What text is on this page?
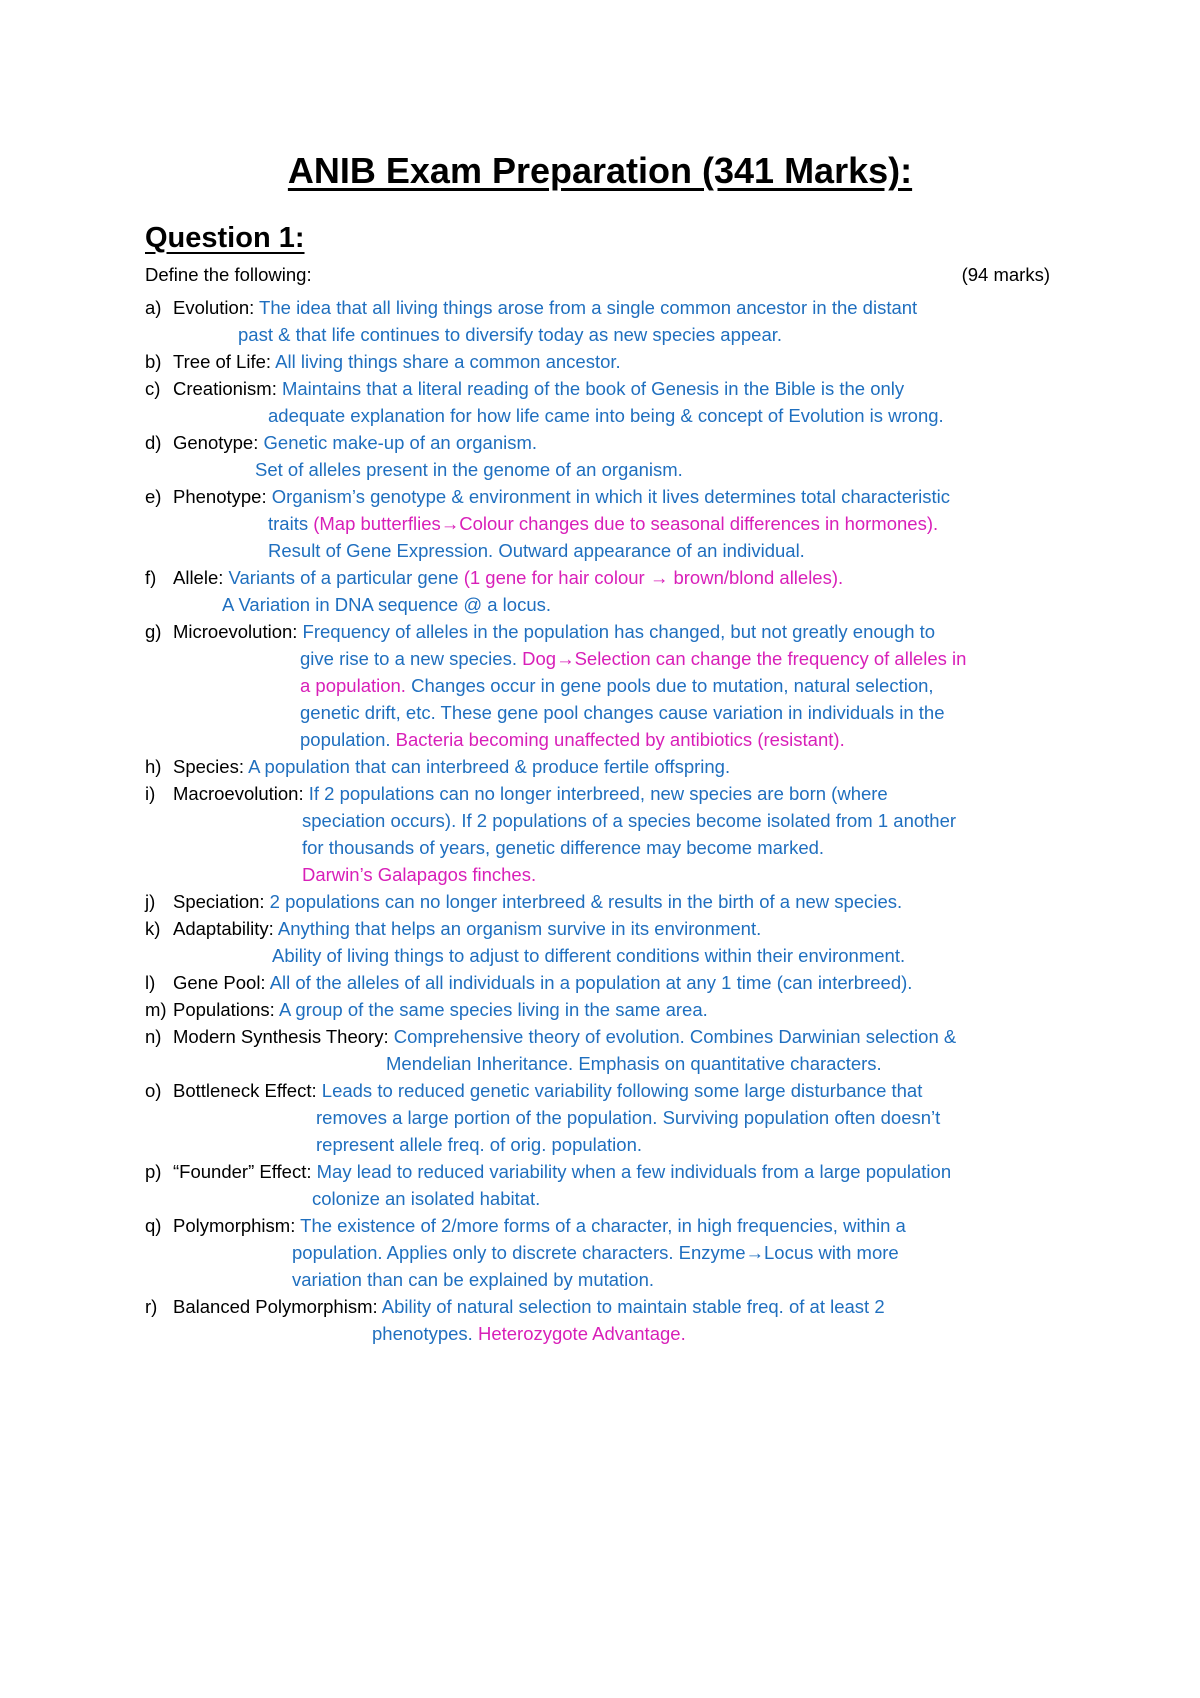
ANIB Exam Preparation (341 Marks):
Question 1:
Define the following:	(94 marks)
a) Evolution: The idea that all living things arose from a single common ancestor in the distant
past & that life continues to diversify today as new species appear.
b) Tree of Life: All living things share a common ancestor.
c) Creationism: Maintains that a literal reading of the book of Genesis in the Bible is the only
adequate explanation for how life came into being & concept of Evolution is wrong.
d) Genotype: Genetic make-up of an organism.
Set of alleles present in the genome of an organism.
e) Phenotype: Organism’s genotype & environment in which it lives determines total characteristic
traits (Map butterflies→Colour changes due to seasonal differences in hormones).
Result of Gene Expression. Outward appearance of an individual.
f) Allele: Variants of a particular gene (1 gene for hair colour → brown/blond alleles).
A Variation in DNA sequence @ a locus.
g) Microevolution: Frequency of alleles in the population has changed, but not greatly enough to
give rise to a new species. Dog→Selection can change the frequency of alleles in
a population. Changes occur in gene pools due to mutation, natural selection,
genetic drift, etc. These gene pool changes cause variation in individuals in the
population. Bacteria becoming unaffected by antibiotics (resistant).
h) Species: A population that can interbreed & produce fertile offspring.
i) Macroevolution: If 2 populations can no longer interbreed, new species are born (where
speciation occurs). If 2 populations of a species become isolated from 1 another
for thousands of years, genetic difference may become marked.
Darwin’s Galapagos finches.
j) Speciation: 2 populations can no longer interbreed & results in the birth of a new species.
k) Adaptability: Anything that helps an organism survive in its environment.
Ability of living things to adjust to different conditions within their environment.
l) Gene Pool: All of the alleles of all individuals in a population at any 1 time (can interbreed).
m) Populations: A group of the same species living in the same area.
n) Modern Synthesis Theory: Comprehensive theory of evolution. Combines Darwinian selection &
Mendelian Inheritance. Emphasis on quantitative characters.
o) Bottleneck Effect: Leads to reduced genetic variability following some large disturbance that
removes a large portion of the population. Surviving population often doesn’t
represent allele freq. of orig. population.
p) “Founder” Effect: May lead to reduced variability when a few individuals from a large population
colonize an isolated habitat.
q) Polymorphism: The existence of 2/more forms of a character, in high frequencies, within a
population. Applies only to discrete characters. Enzyme→Locus with more
variation than can be explained by mutation.
r) Balanced Polymorphism: Ability of natural selection to maintain stable freq. of at least 2
phenotypes. Heterozygote Advantage.
